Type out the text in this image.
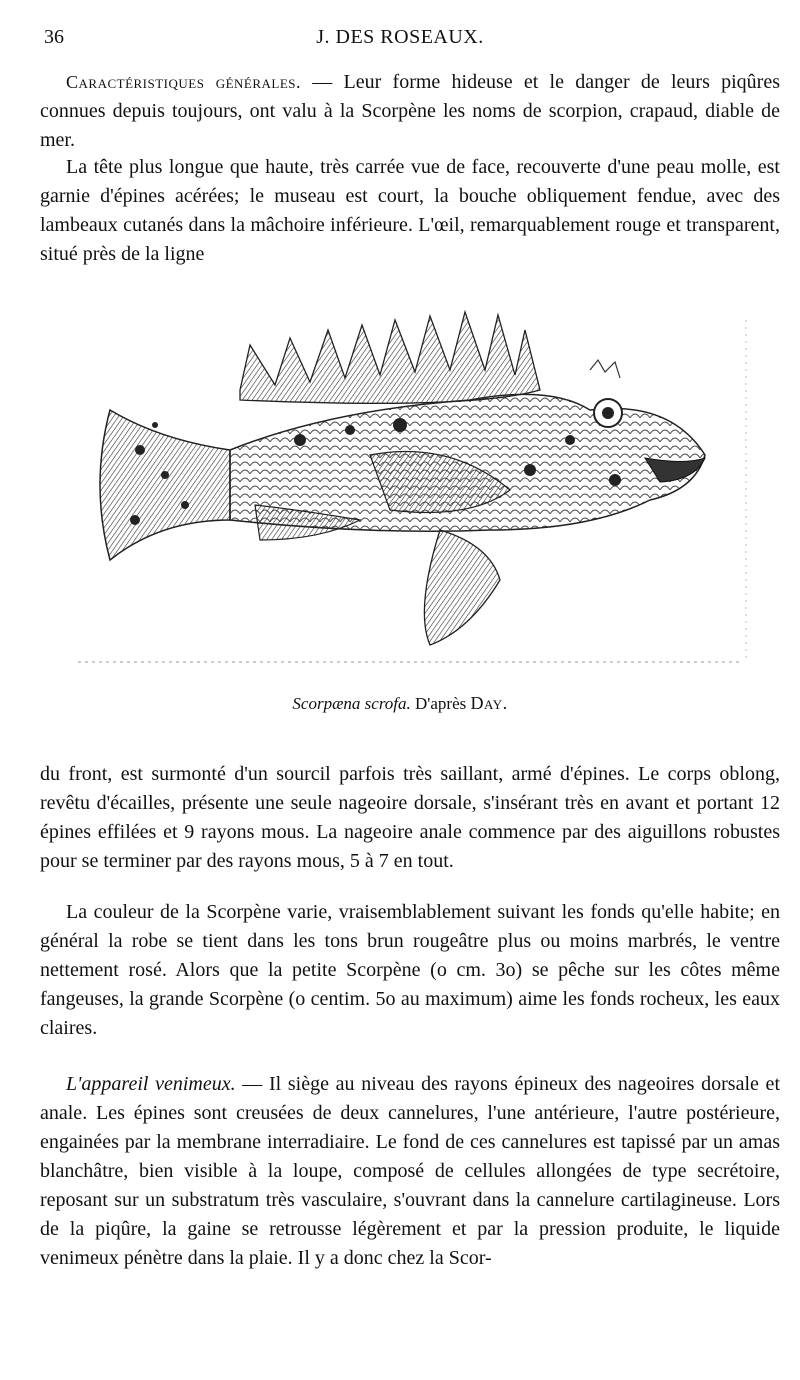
36	J. DES ROSEAUX.

Caractéristiques générales. — Leur forme hideuse et le danger de leurs piqûres connues depuis toujours, ont valu à la Scorpène les noms de scorpion, crapaud, diable de mer.

La tête plus longue que haute, très carrée vue de face, recouverte d'une peau molle, est garnie d'épines acérées; le museau est court, la bouche obliquement fendue, avec des lambeaux cutanés dans la mâchoire inférieure. L'œil, remarquablement rouge et transparent, situé près de la ligne

Scorpæna scrofa. D'après Day.

du front, est surmonté d'un sourcil parfois très saillant, armé d'épines. Le corps oblong, revêtu d'écailles, présente une seule nageoire dorsale, s'insérant très en avant et portant 12 épines effilées et 9 rayons mous. La nageoire anale commence par des aiguillons robustes pour se terminer par des rayons mous, 5 à 7 en tout.

La couleur de la Scorpène varie, vraisemblablement suivant les fonds qu'elle habite; en général la robe se tient dans les tons brun rougeâtre plus ou moins marbrés, le ventre nettement rosé. Alors que la petite Scorpène (o cm. 3o) se pêche sur les côtes même fangeuses, la grande Scorpène (o centim. 5o au maximum) aime les fonds rocheux, les eaux claires.

L'appareil venimeux. — Il siège au niveau des rayons épineux des nageoires dorsale et anale. Les épines sont creusées de deux cannelures, l'une antérieure, l'autre postérieure, engainées par la membrane interradiaire. Le fond de ces cannelures est tapissé par un amas blanchâtre, bien visible à la loupe, composé de cellules allongées de type secrétoire, reposant sur un substratum très vasculaire, s'ouvrant dans la cannelure cartilagineuse. Lors de la piqûre, la gaine se retrousse légèrement et par la pression produite, le liquide venimeux pénètre dans la plaie. Il y a donc chez la Scor-
